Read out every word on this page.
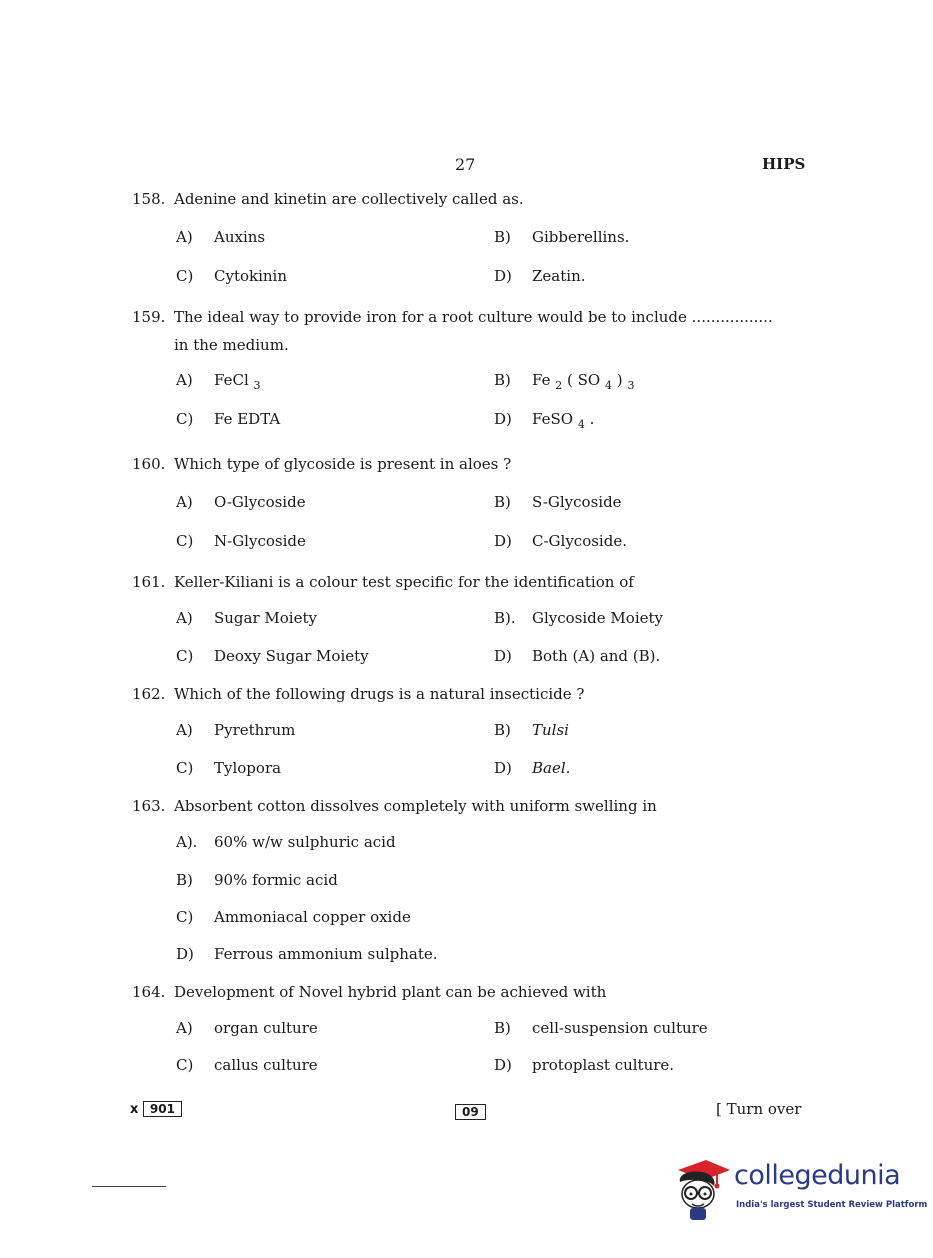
27	HIPS
158. Adenine and kinetin are collectively called as.
A) Auxins	B) Gibberellins.
C) Cytokinin	D) Zeatin.
159. The ideal way to provide iron for a root culture would be to include .................
in the medium.
A) FeCl $_3$	B) Fe $_2$ ( SO $_4$ ) $_3$
C) Fe EDTA	D) FeSO $_4$ .
160. Which type of glycoside is present in aloes ?
A) O-Glycoside	B) S-Glycoside
C) N-Glycoside	D) C-Glycoside.
161. Keller-Kiliani is a colour test specific for the identification of
A) Sugar Moiety	B). Glycoside Moiety
C) Deoxy Sugar Moiety	D) Both (A) and (B).
162. Which of the following drugs is a natural insecticide ?
A) Pyrethrum	B) Tulsi
C) Tylopora	D) Bael.
163. Absorbent cotton dissolves completely with uniform swelling in
A). 60% w/w sulphuric acid
B) 90% formic acid
C) Ammoniacal copper oxide
D) Ferrous ammonium sulphate.
164. Development of Novel hybrid plant can be achieved with
A) organ culture	B) cell-suspension culture
C) callus culture	D) protoplast culture.
x 901	09	[ Turn over
collegedunia
India's largest Student Review Platform
